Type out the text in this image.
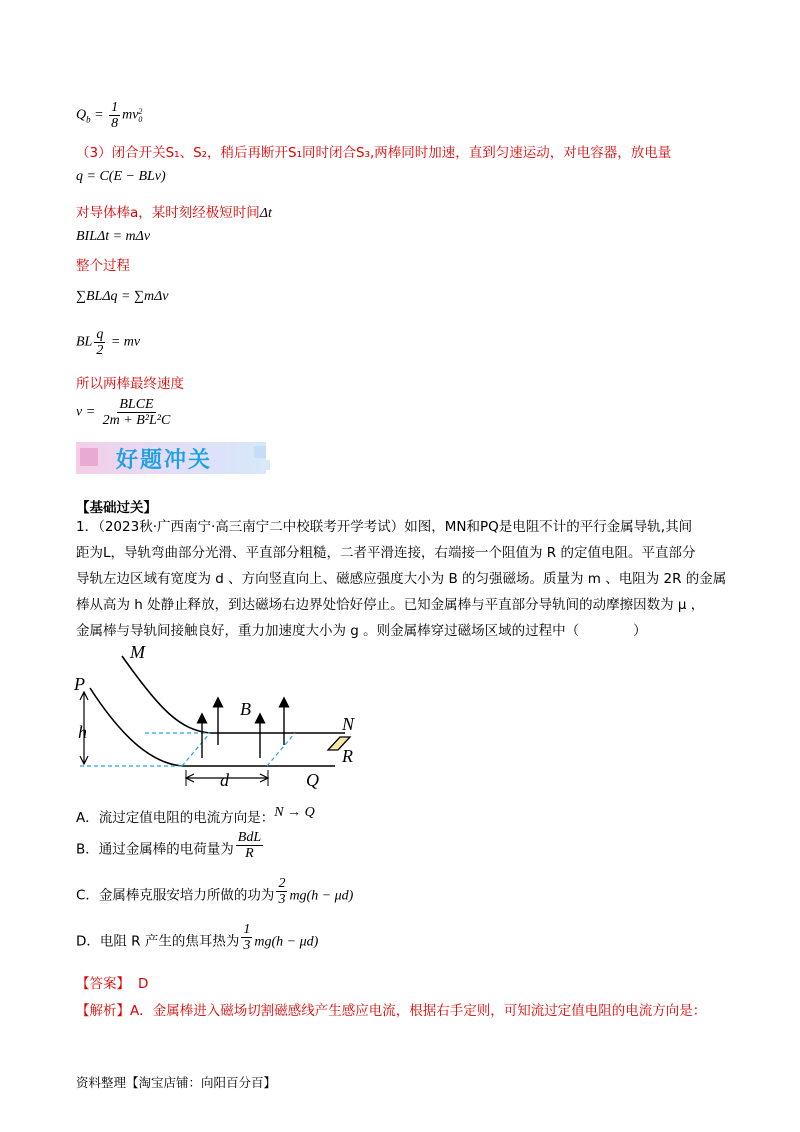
$Q_b = \frac{1}{8}$ mv 2
0
（3）闭合开关S₁、S₂，稍后再断开S₁同时闭合S₃,两棒同时加速，直到匀速运动，对电容器，放电量
q = C(E − BLv)
对导体棒a，某时刻经极短时间Δt
BILΔt = mΔv
整个过程
∑BLΔq = ∑mΔv
BL $\frac{q}{2}$ = mv
所以两棒最终速度
$v = \frac{\text{BLCE}}{\text{2m + B²L²C}}$
好题冲关
【基础过关】
1．（2023秋·广西南宁·高三南宁二中校联考开学考试）如图，MN和PQ是电阻不计的平行金属导轨,其间
距为L，导轨弯曲部分光滑、平直部分粗糙，二者平滑连接，右端接一个阻值为 R 的定值电阻。平直部分
导轨左边区域有宽度为 d 、方向竖直向上、磁感应强度大小为 B 的匀强磁场。质量为 m 、电阻为 2R 的金属
棒从高为 h 处静止释放，到达磁场右边界处恰好停止。已知金属棒与平直部分导轨间的动摩擦因数为 μ ，
金属棒与导轨间接触良好，重力加速度大小为 g 。则金属棒穿过磁场区域的过程中（　　　　）
P
M
B
N
h
R
d	Q
A．流过定值电阻的电流方向是：N → Q
B．通过金属棒的电荷量为 $\frac{\text{BdL}}{R}$
C．金属棒克服安培力所做的功为 $\frac{2}{3} mg(h - \mu d)$
D．电阻 R 产生的焦耳热为 $\frac{1}{3} mg(h - \mu d)$
【答案】 D
【解析】A．金属棒进入磁场切割磁感线产生感应电流，根据右手定则，可知流过定值电阻的电流方向是：
资料整理【淘宝店铺：向阳百分百】
